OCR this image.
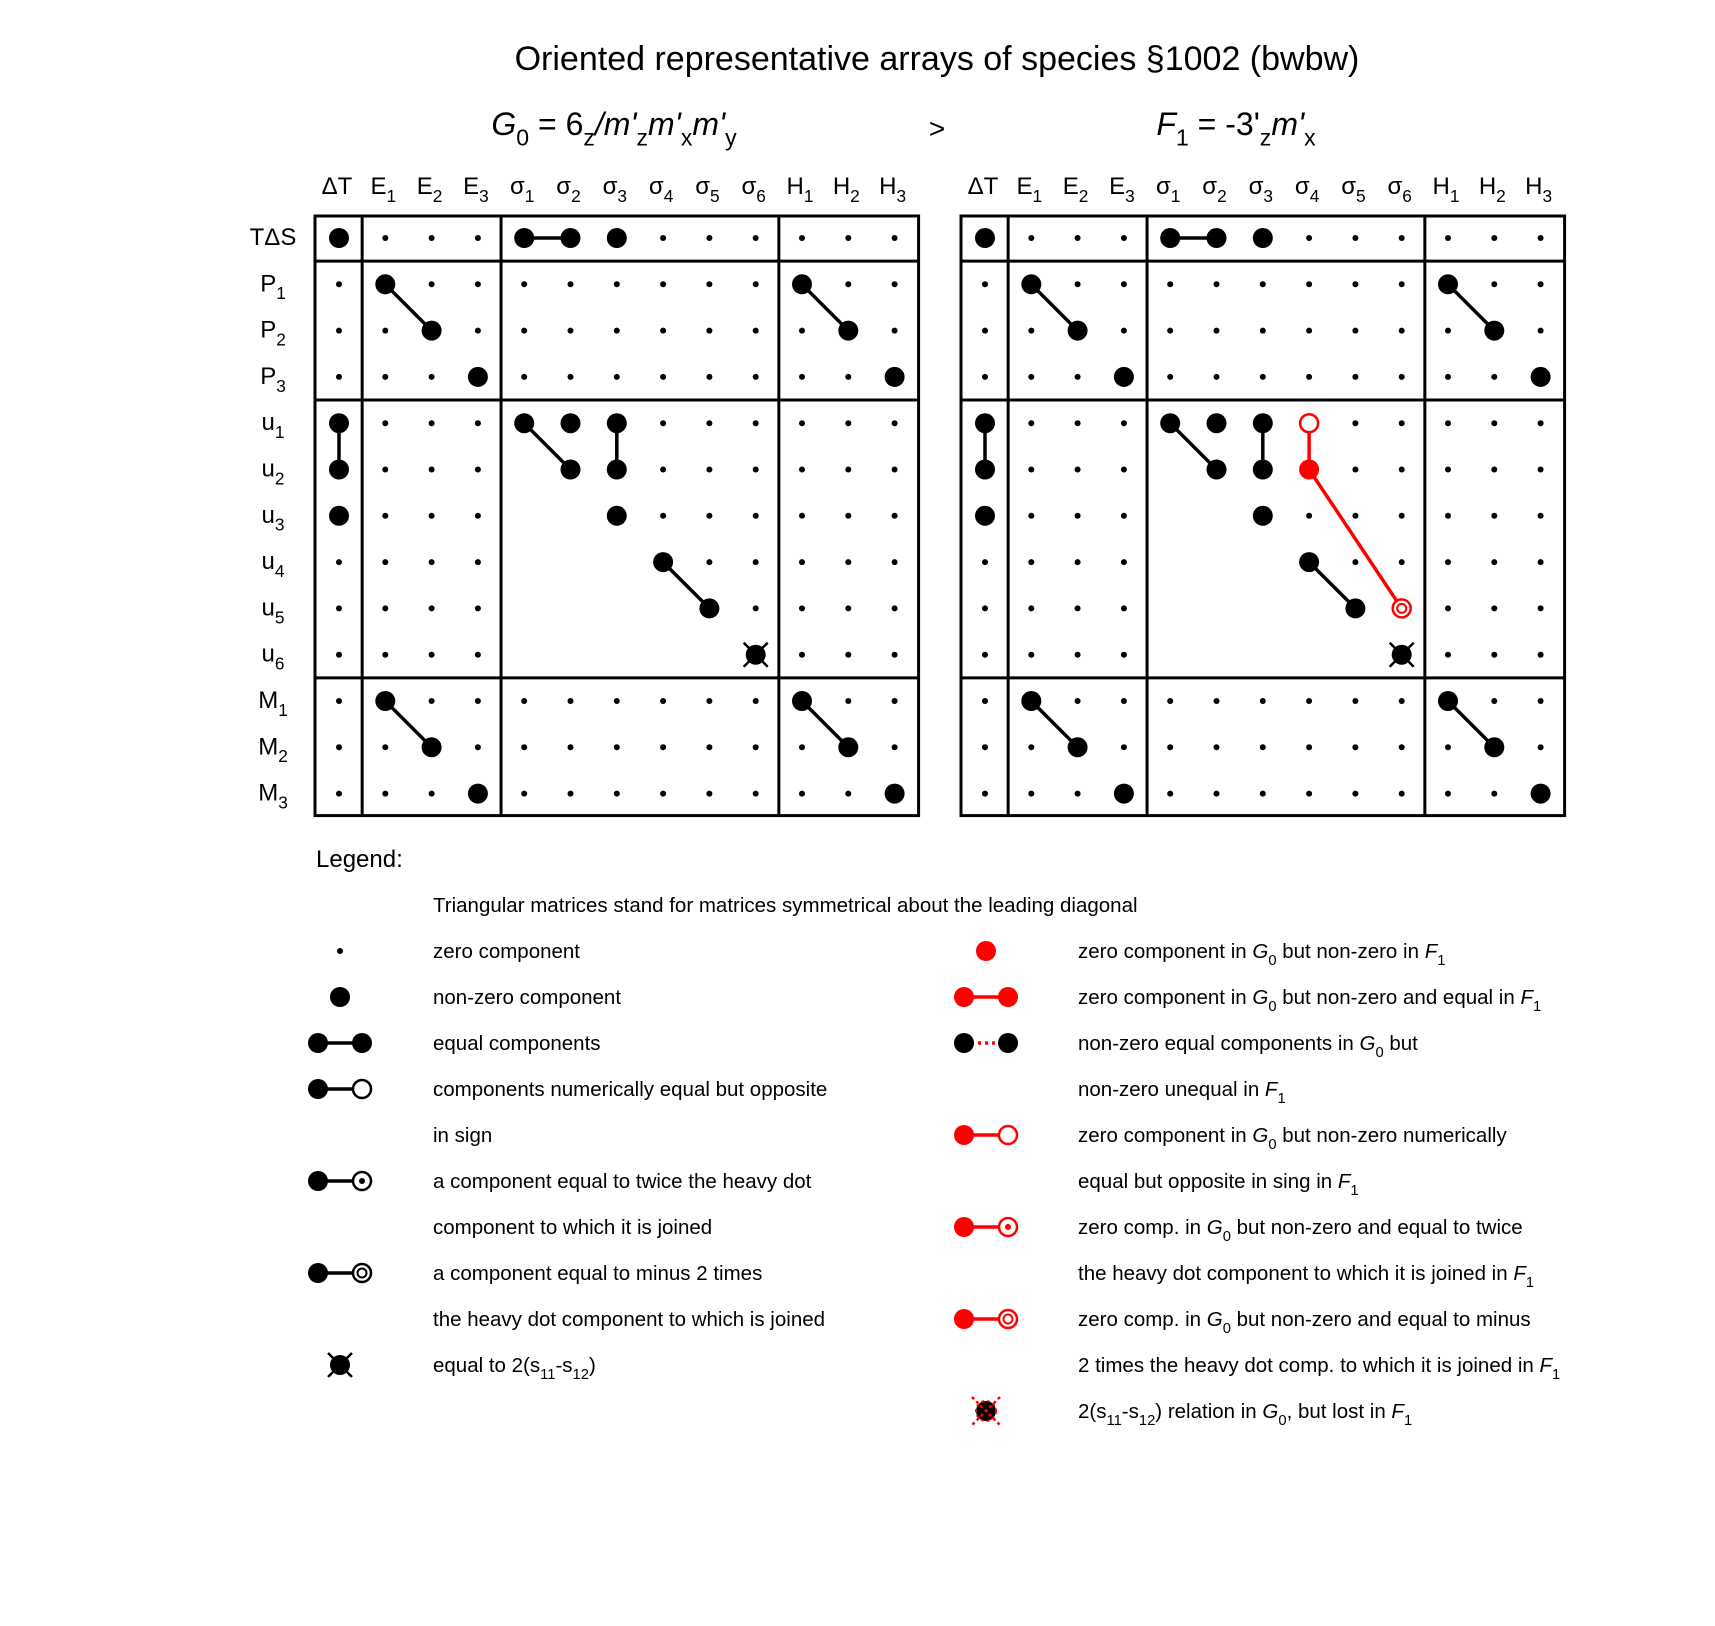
Oriented representative arrays of species §1002 (bwbw)
>
$G_0 = 6_z/m'_zm'_xm'_y$	$F_1 = -3'_zm'_x$
ΔT $E_1$ $E_2$ $E_3$ $\sigma_1$ $\sigma_2$ $\sigma_3$ $\sigma_4$ $\sigma_5$ $\sigma_6$ $H_1$ $H_2$ $H_3$
TΔS
$P_1$
$P_2$
$P_3$
$u_1$
$u_2$
$u_3$
$u_4$
$u_5$
$u_6$
$M_1$
$M_2$
$M_3$
ΔT $E_1$ $E_2$ $E_3$ $\sigma_1$ $\sigma_2$ $\sigma_3$ $\sigma_4$ $\sigma_5$ $\sigma_6$ $H_1$ $H_2$ $H_3$
Legend:
Triangular matrices stand for matrices symmetrical about the leading diagonal
zero component
non-zero component
equal components
components numerically equal but opposite
in sign
a component equal to twice the heavy dot
component to which it is joined
a component equal to minus 2 times
the heavy dot component to which is joined
equal to $2(s_{11}-s_{12})$
zero component in $G_0$ but non-zero in $F_1$
zero component in $G_0$ but non-zero and equal in $F_1$
non-zero equal components in $G_0$ but
non-zero unequal in $F_1$
zero component in $G_0$ but non-zero numerically
equal but opposite in sing in $F_1$
zero comp. in $G_0$ but non-zero and equal to twice
the heavy dot component to which it is joined in $F_1$
zero comp. in $G_0$ but non-zero and equal to minus
2 times the heavy dot comp. to which it is joined in $F_1$
$2(s_{11}-s_{12})$ relation in $G_0$, but lost in $F_1$
